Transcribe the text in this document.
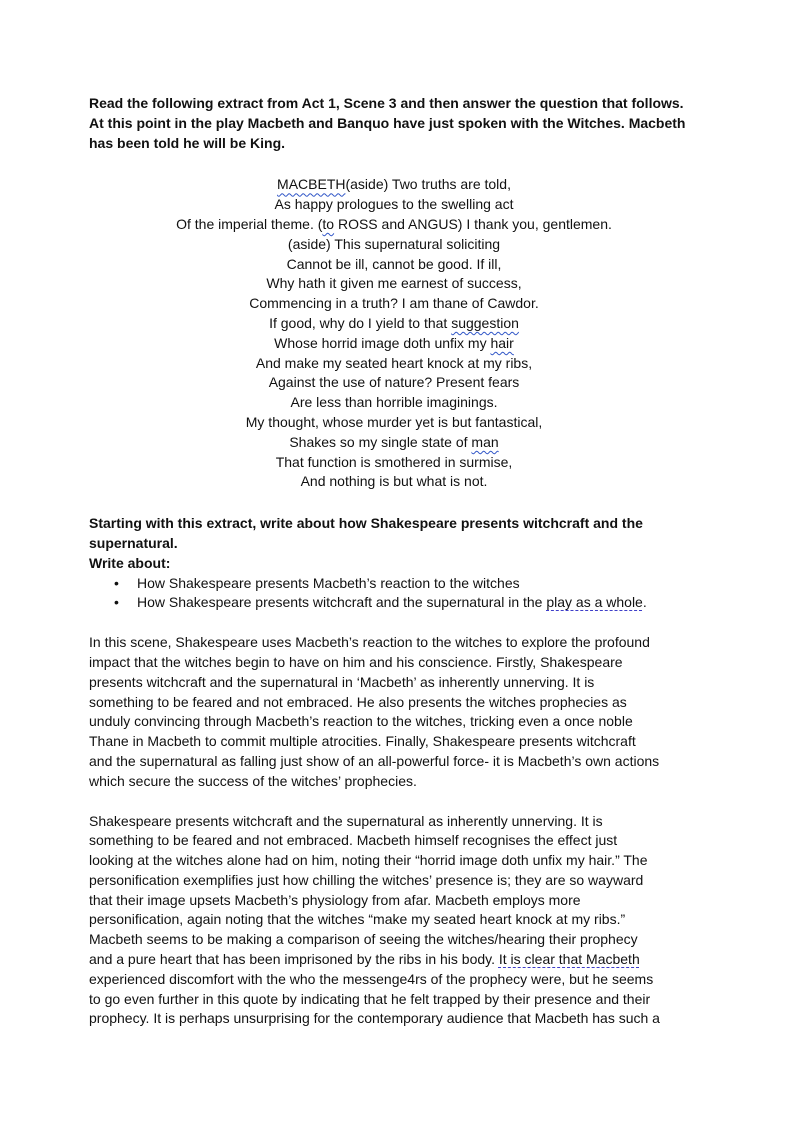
Read the following extract from Act 1, Scene 3 and then answer the question that follows.
At this point in the play Macbeth and Banquo have just spoken with the Witches. Macbeth
has been told he will be King.
MACBETH(aside) Two truths are told,
As happy prologues to the swelling act
Of the imperial theme. (to ROSS and ANGUS) I thank you, gentlemen.
(aside) This supernatural soliciting
Cannot be ill, cannot be good. If ill,
Why hath it given me earnest of success,
Commencing in a truth? I am thane of Cawdor.
If good, why do I yield to that suggestion
Whose horrid image doth unfix my hair
And make my seated heart knock at my ribs,
Against the use of nature? Present fears
Are less than horrible imaginings.
My thought, whose murder yet is but fantastical,
Shakes so my single state of man
That function is smothered in surmise,
And nothing is but what is not.
Starting with this extract, write about how Shakespeare presents witchcraft and the
supernatural.
Write about:
• How Shakespeare presents Macbeth’s reaction to the witches
• How Shakespeare presents witchcraft and the supernatural in the play as a whole.
In this scene, Shakespeare uses Macbeth’s reaction to the witches to explore the profound
impact that the witches begin to have on him and his conscience. Firstly, Shakespeare
presents witchcraft and the supernatural in ‘Macbeth’ as inherently unnerving. It is
something to be feared and not embraced. He also presents the witches prophecies as
unduly convincing through Macbeth’s reaction to the witches, tricking even a once noble
Thane in Macbeth to commit multiple atrocities. Finally, Shakespeare presents witchcraft
and the supernatural as falling just show of an all-powerful force- it is Macbeth’s own actions
which secure the success of the witches’ prophecies.
Shakespeare presents witchcraft and the supernatural as inherently unnerving. It is
something to be feared and not embraced. Macbeth himself recognises the effect just
looking at the witches alone had on him, noting their “horrid image doth unfix my hair.” The
personification exemplifies just how chilling the witches’ presence is; they are so wayward
that their image upsets Macbeth’s physiology from afar. Macbeth employs more
personification, again noting that the witches “make my seated heart knock at my ribs.”
Macbeth seems to be making a comparison of seeing the witches/hearing their prophecy
and a pure heart that has been imprisoned by the ribs in his body. It is clear that Macbeth
experienced discomfort with the who the messenge4rs of the prophecy were, but he seems
to go even further in this quote by indicating that he felt trapped by their presence and their
prophecy. It is perhaps unsurprising for the contemporary audience that Macbeth has such a
